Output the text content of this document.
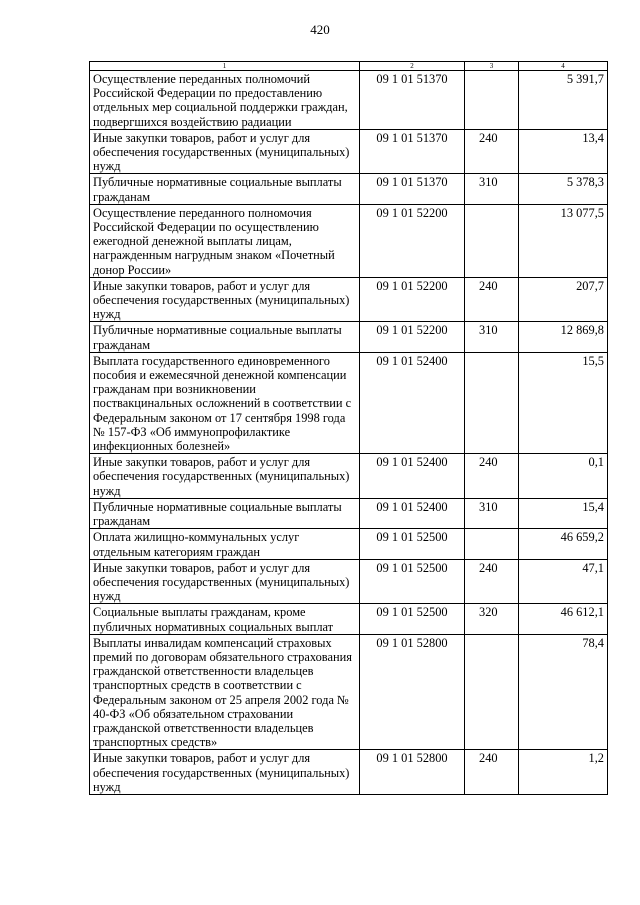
420
1	2	3	4
Осуществление переданных полномочий Российской Федерации по предоставлению отдельных мер социальной поддержки граждан, подвергшихся воздействию радиации	09 1 01 51370		5 391,7
Иные закупки товаров, работ и услуг для обеспечения государственных (муниципальных) нужд	09 1 01 51370	240	13,4
Публичные нормативные социальные выплаты гражданам	09 1 01 51370	310	5 378,3
Осуществление переданного полномочия Российской Федерации по осуществлению ежегодной денежной выплаты лицам, награжденным нагрудным знаком «Почетный донор России»	09 1 01 52200		13 077,5
Иные закупки товаров, работ и услуг для обеспечения государственных (муниципальных) нужд	09 1 01 52200	240	207,7
Публичные нормативные социальные выплаты гражданам	09 1 01 52200	310	12 869,8
Выплата государственного единовременного пособия и ежемесячной денежной компенсации гражданам при возникновении поствакцинальных осложнений в соответствии с Федеральным законом от 17 сентября 1998 года № 157-ФЗ «Об иммунопрофилактике инфекционных болезней»	09 1 01 52400		15,5
Иные закупки товаров, работ и услуг для обеспечения государственных (муниципальных) нужд	09 1 01 52400	240	0,1
Публичные нормативные социальные выплаты гражданам	09 1 01 52400	310	15,4
Оплата жилищно-коммунальных услуг отдельным категориям граждан	09 1 01 52500		46 659,2
Иные закупки товаров, работ и услуг для обеспечения государственных (муниципальных) нужд	09 1 01 52500	240	47,1
Социальные выплаты гражданам, кроме публичных нормативных социальных выплат	09 1 01 52500	320	46 612,1
Выплаты инвалидам компенсаций страховых премий по договорам обязательного страхования гражданской ответственности владельцев транспортных средств в соответствии с Федеральным законом от 25 апреля 2002 года № 40-ФЗ «Об обязательном страховании гражданской ответственности владельцев транспортных средств»	09 1 01 52800		78,4
Иные закупки товаров, работ и услуг для обеспечения государственных (муниципальных) нужд	09 1 01 52800	240	1,2
